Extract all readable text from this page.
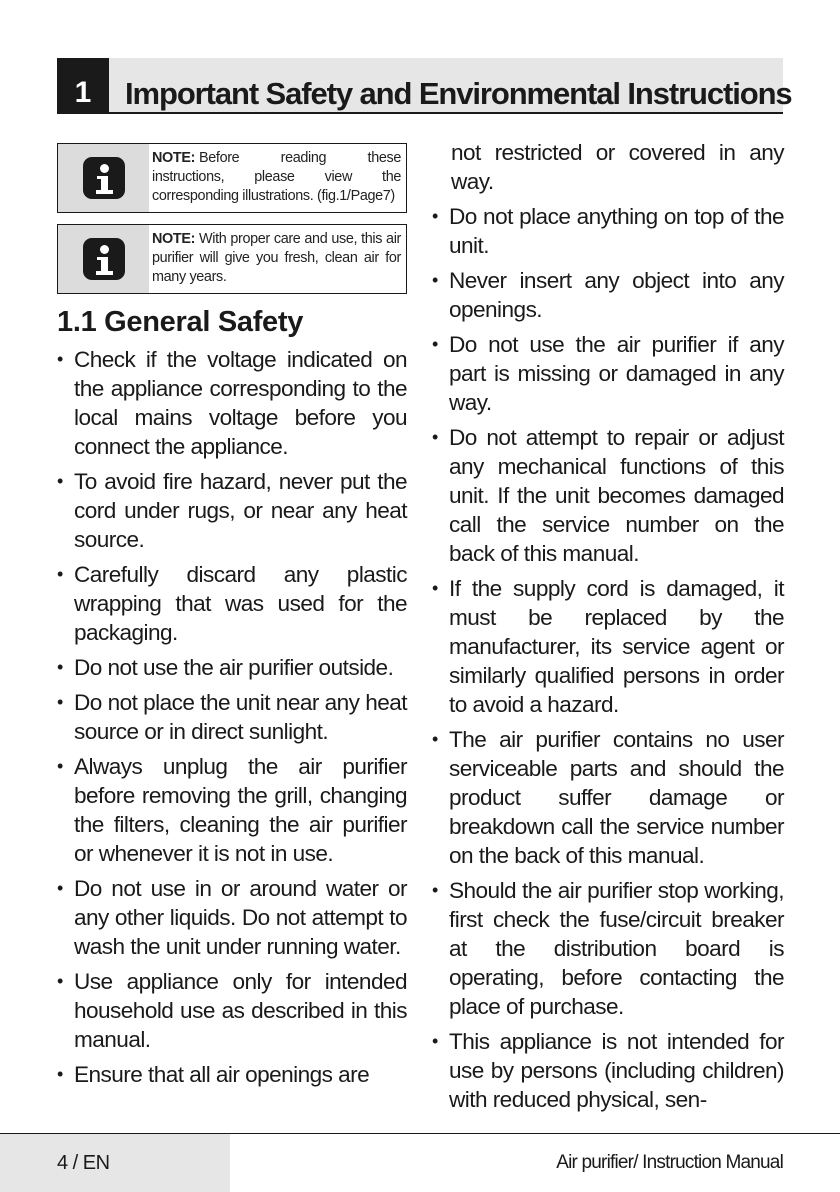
1	Important Safety and Environmental Instructions
NOTE: Before reading these instructions, please view the corresponding illustrations. (fig.1/Page7)
NOTE: With proper care and use, this air purifier will give you fresh, clean air for many years.
1.1 General Safety
• Check if the voltage indicated on the appliance corresponding to the local mains voltage before you connect the appliance.
• To avoid fire hazard, never put the cord under rugs, or near any heat source.
• Carefully discard any plastic wrapping that was used for the packaging.
• Do not use the air purifier outside.
• Do not place the unit near any heat source or in direct sunlight.
• Always unplug the air purifier before removing the grill, changing the filters, cleaning the air purifier or whenever it is not in use.
• Do not use in or around water or any other liquids. Do not attempt to wash the unit under running water.
• Use appliance only for intended household use as described in this manual.
• Ensure that all air openings are
not restricted or covered in any way.
• Do not place anything on top of the unit.
• Never insert any object into any openings.
• Do not use the air purifier if any part is missing or damaged in any way.
• Do not attempt to repair or adjust any mechanical functions of this unit. If the unit becomes damaged call the service number on the back of this manual.
• If the supply cord is damaged, it must be replaced by the manufacturer, its service agent or similarly qualified persons in order to avoid a hazard.
• The air purifier contains no user serviceable parts and should the product suffer damage or breakdown call the service number on the back of this manual.
• Should the air purifier stop working, first check the fuse/circuit breaker at the distribution board is operating, before contacting the place of purchase.
• This appliance is not intended for use by persons (including children) with reduced physical, sen-
4 / EN	Air purifier/ Instruction Manual
